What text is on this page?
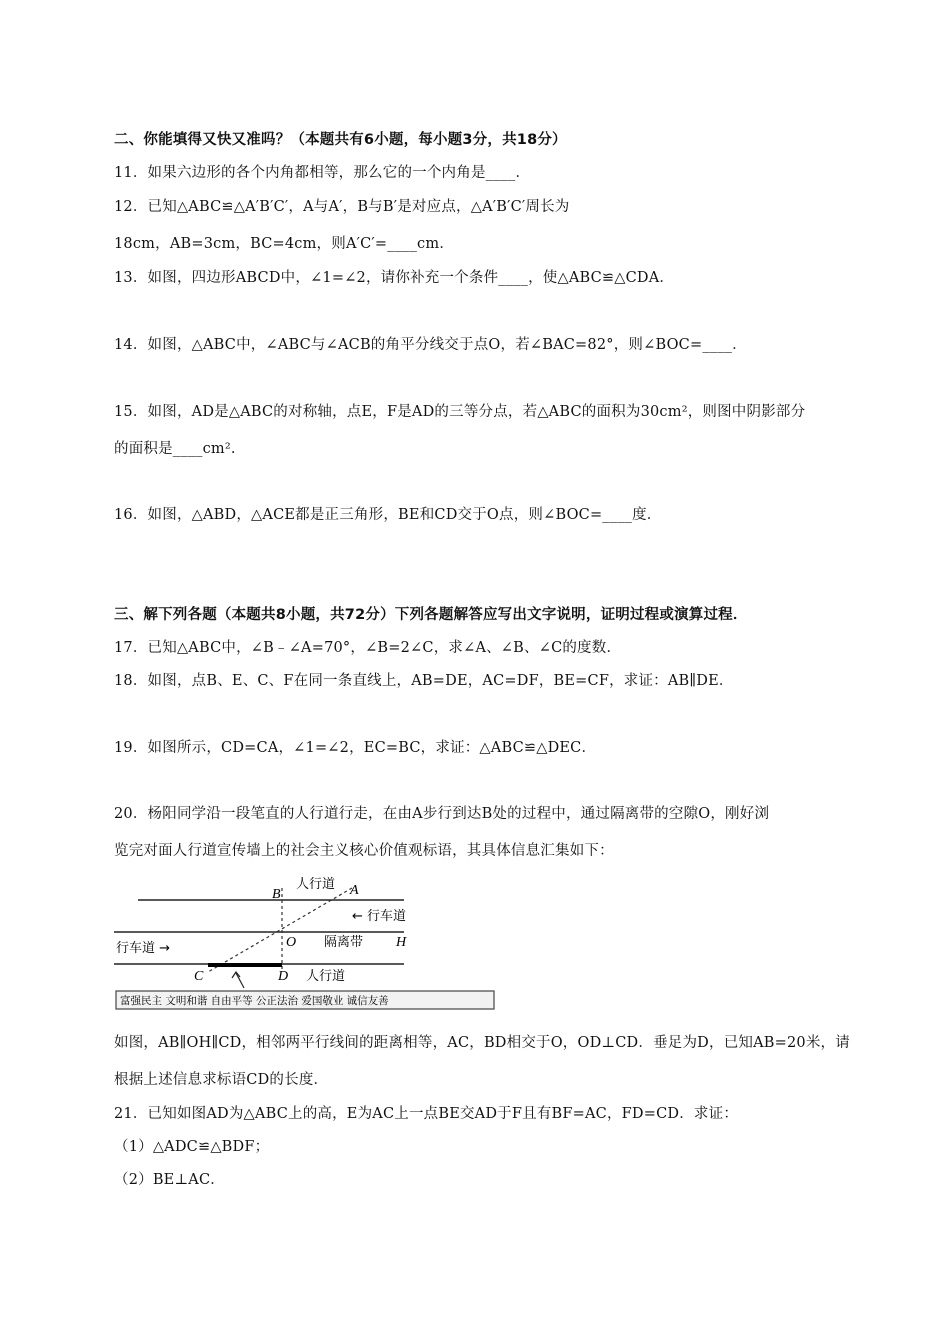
二、你能填得又快又准吗？（本题共有6小题，每小题3分，共18分）
11．如果六边形的各个内角都相等，那么它的一个内角是____．
12．已知△ABC≌△A′B′C′，A与A′，B与B′是对应点，△A′B′C′周长为
18cm，AB=3cm，BC=4cm，则A′C′=____cm．
13．如图，四边形ABCD中，∠1=∠2，请你补充一个条件____，使△ABC≌△CDA．
14．如图，△ABC中，∠ABC与∠ACB的角平分线交于点O，若∠BAC=82°，则∠BOC=____．
15．如图，AD是△ABC的对称轴，点E，F是AD的三等分点，若△ABC的面积为30cm²，则图中阴影部分
的面积是____cm².
16．如图，△ABD，△ACE都是正三角形，BE和CD交于O点，则∠BOC=____度．
三、解下列各题（本题共8小题，共72分）下列各题解答应写出文字说明，证明过程或演算过程．
17．已知△ABC中，∠B﹣∠A=70°，∠B=2∠C，求∠A、∠B、∠C的度数．
18．如图，点B、E、C、F在同一条直线上，AB=DE，AC=DF，BE=CF，求证：AB∥DE．
19．如图所示，CD=CA，∠1=∠2，EC=BC，求证：△ABC≌△DEC．
20．杨阳同学沿一段笔直的人行道行走，在由A步行到达B处的过程中，通过隔离带的空隙O，刚好浏
览完对面人行道宣传墙上的社会主义核心价值观标语，其具体信息汇集如下：
B	A
O	H
C	D
人行道
← 行车道
行车道 →	隔离带
人行道
富强民主 文明和谐 自由平等 公正法治 爱国敬业 诚信友善
如图，AB∥OH∥CD，相邻两平行线间的距离相等，AC，BD相交于O，OD⊥CD．垂足为D，已知AB=20米，请
根据上述信息求标语CD的长度．
21．已知如图AD为△ABC上的高，E为AC上一点BE交AD于F且有BF=AC，FD=CD．求证：
（1）△ADC≌△BDF；
（2）BE⊥AC．
